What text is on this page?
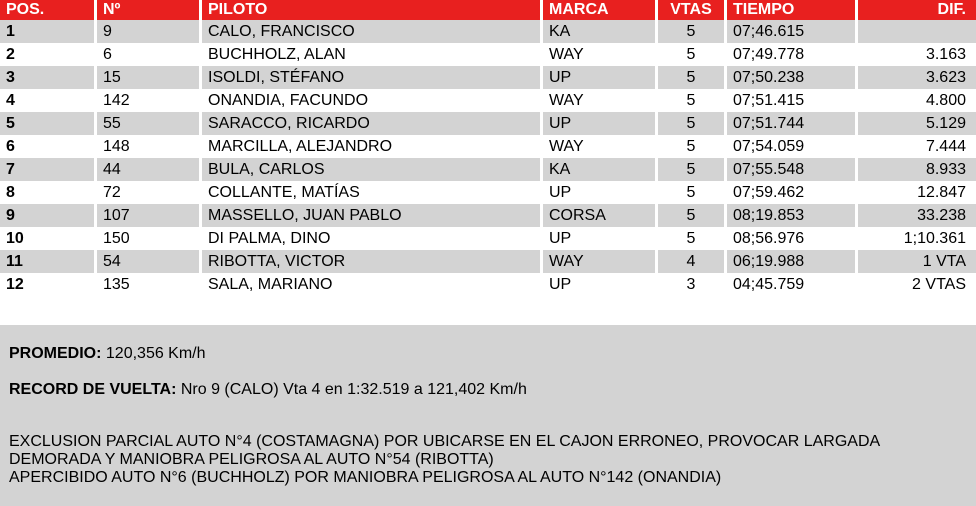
POS.	Nº	PILOTO	MARCA	VTAS	TIEMPO	DIF.
1	9	CALO, FRANCISCO	KA	5	07;46.615	
2	6	BUCHHOLZ, ALAN	WAY	5	07;49.778	3.163
3	15	ISOLDI, STÉFANO	UP	5	07;50.238	3.623
4	142	ONANDIA, FACUNDO	WAY	5	07;51.415	4.800
5	55	SARACCO, RICARDO	UP	5	07;51.744	5.129
6	148	MARCILLA, ALEJANDRO	WAY	5	07;54.059	7.444
7	44	BULA, CARLOS	KA	5	07;55.548	8.933
8	72	COLLANTE, MATÍAS	UP	5	07;59.462	12.847
9	107	MASSELLO, JUAN PABLO	CORSA	5	08;19.853	33.238
10	150	DI PALMA, DINO	UP	5	08;56.976	1;10.361
11	54	RIBOTTA, VICTOR	WAY	4	06;19.988	1 VTA
12	135	SALA, MARIANO	UP	3	04;45.759	2 VTAS
PROMEDIO: 120,356 Km/h
RECORD DE VUELTA: Nro 9 (CALO) Vta 4 en 1:32.519 a 121,402 Km/h
EXCLUSION PARCIAL AUTO N°4 (COSTAMAGNA) POR UBICARSE EN EL CAJON ERRONEO, PROVOCAR LARGADA
DEMORADA Y MANIOBRA PELIGROSA AL AUTO N°54 (RIBOTTA)
APERCIBIDO AUTO N°6 (BUCHHOLZ) POR MANIOBRA PELIGROSA AL AUTO N°142 (ONANDIA)
